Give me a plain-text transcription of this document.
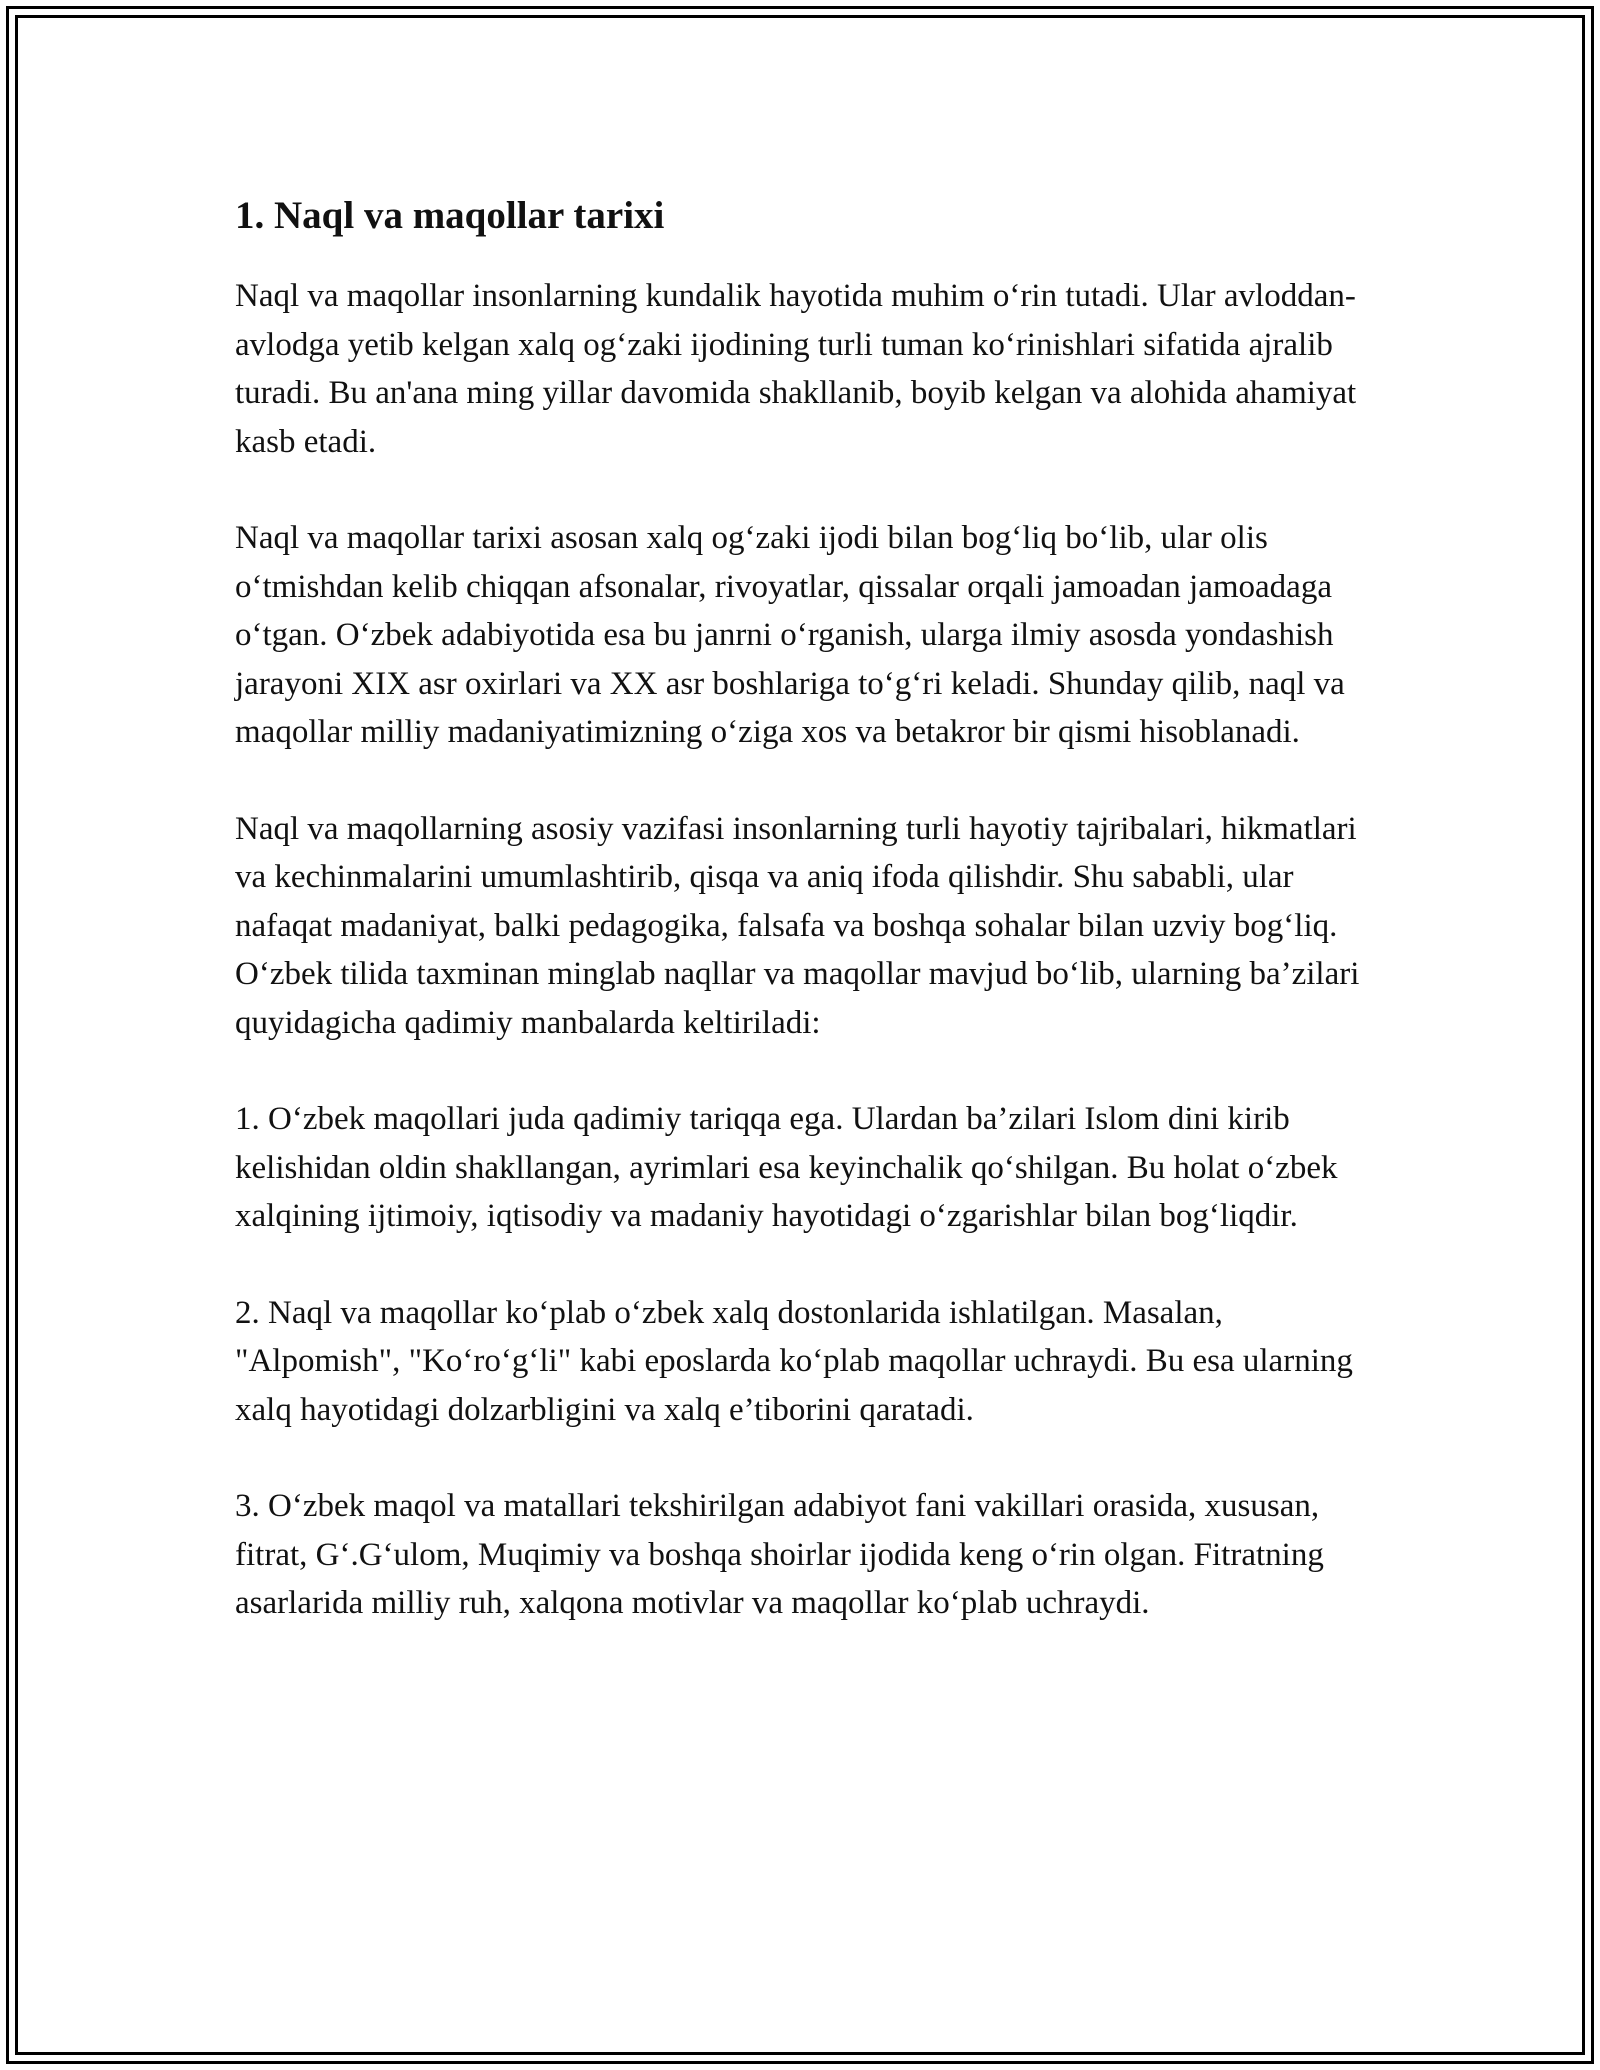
1. Naql va maqollar tarixi

Naql va maqollar insonlarning kundalik hayotida muhim o‘rin tutadi. Ular avloddan-avlodga yetib kelgan xalq og‘zaki ijodining turli tuman ko‘rinishlari sifatida ajralib turadi. Bu an'ana ming yillar davomida shakllanib, boyib kelgan va alohida ahamiyat kasb etadi.

Naql va maqollar tarixi asosan xalq og‘zaki ijodi bilan bog‘liq bo‘lib, ular olis o‘tmishdan kelib chiqqan afsonalar, rivoyatlar, qissalar orqali jamoadan jamoadaga o‘tgan. O‘zbek adabiyotida esa bu janrni o‘rganish, ularga ilmiy asosda yondashish jarayoni XIX asr oxirlari va XX asr boshlariga to‘g‘ri keladi. Shunday qilib, naql va maqollar milliy madaniyatimizning o‘ziga xos va betakror bir qismi hisoblanadi.

Naql va maqollarning asosiy vazifasi insonlarning turli hayotiy tajribalari, hikmatlari va kechinmalarini umumlashtirib, qisqa va aniq ifoda qilishdir. Shu sababli, ular nafaqat madaniyat, balki pedagogika, falsafa va boshqa sohalar bilan uzviy bog‘liq. O‘zbek tilida taxminan minglab naqllar va maqollar mavjud bo‘lib, ularning ba’zilari quyidagicha qadimiy manbalarda keltiriladi:

1. O‘zbek maqollari juda qadimiy tariqqa ega. Ulardan ba’zilari Islom dini kirib kelishidan oldin shakllangan, ayrimlari esa keyinchalik qo‘shilgan. Bu holat o‘zbek xalqining ijtimoiy, iqtisodiy va madaniy hayotidagi o‘zgarishlar bilan bog‘liqdir.

2. Naql va maqollar ko‘plab o‘zbek xalq dostonlarida ishlatilgan. Masalan, "Alpomish", "Ko‘ro‘g‘li" kabi eposlarda ko‘plab maqollar uchraydi. Bu esa ularning xalq hayotidagi dolzarbligini va xalq e’tiborini qaratadi.

3. O‘zbek maqol va matallari tekshirilgan adabiyot fani vakillari orasida, xususan, fitrat, G‘.G‘ulom, Muqimiy va boshqa shoirlar ijodida keng o‘rin olgan. Fitratning asarlarida milliy ruh, xalqona motivlar va maqollar ko‘plab uchraydi.
